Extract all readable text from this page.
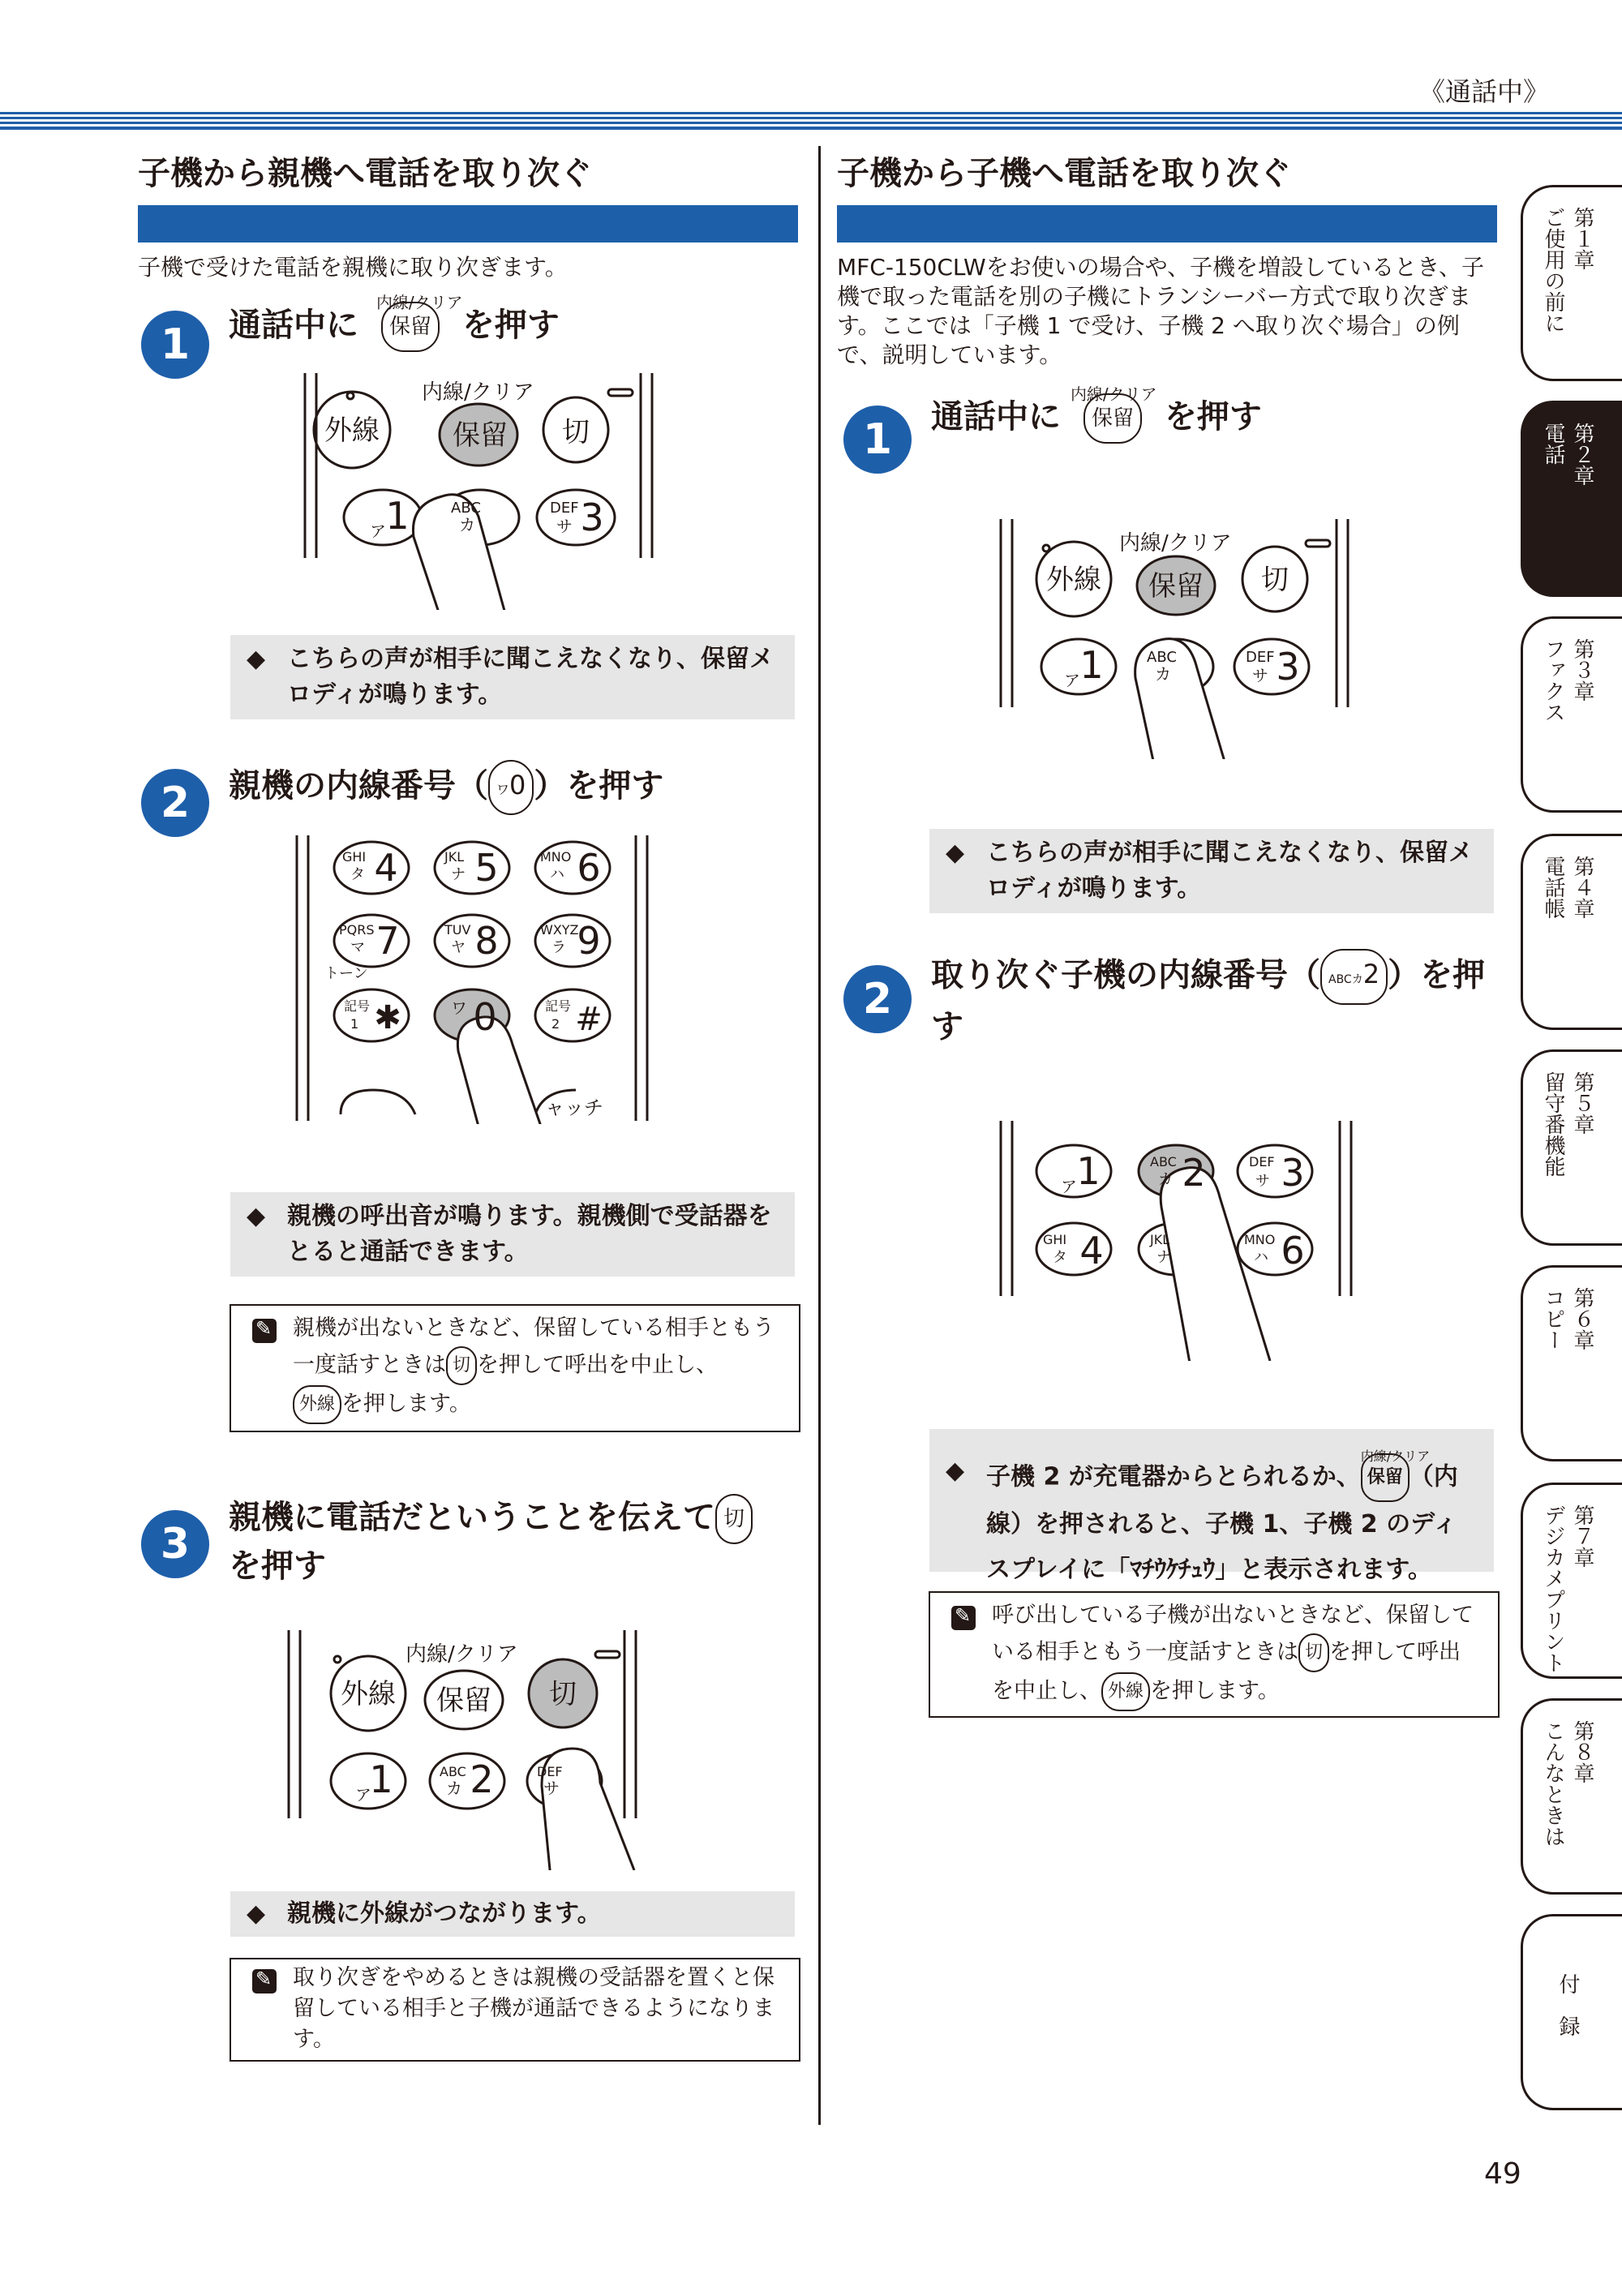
《通話中》
子機から親機へ電話を取り次ぐ
子機で受けた電話を親機に取り次ぎます。
1	通話中に
内線/クリア
保留 を押す
内線/クリア
外線	保留 切
1
ア
ABC
カ	3
DEF
サ
◆ こちらの声が相手に聞こえなくなり、保留メロディが鳴ります。
2	親機の内線番号（ ワ0 ）を押す
GHI
タ 4	JKL
ナ 5	MNO
ハ 6
PQRS
マ 7	TUV
ヤ 8	WXYZ
ラ 9
トーン
記号
1 ✱	ワ 0	記号
2 #
ャッチ
◆ 親機の呼出音が鳴ります。親機側で受話器をとると通話できます。
✎
親機が出ないときなど、保留している相手ともう一度話すときは 切 を押して呼出を中止し、
外線 を押します。
3
親機に電話だということを伝えて 切
を押す
内線/クリア
外線 保留 切
1
ア	2
ABC
カ
DEF
サ
◆ 親機に外線がつながります。
✎
取り次ぎをやめるときは親機の受話器を置くと保留している相手と子機が通話できるようになります。
子機から子機へ電話を取り次ぐ
MFC-150CLWをお使いの場合や、子機を増設しているとき、子機で取った電話を別の子機にトランシーバー方式で取り次ぎます。ここでは「子機 1 で受け、子機 2 へ取り次ぐ場合」の例で、説明しています。
1	通話中に
内線/クリア
保留 を押す
内線/クリア
外線 保留 切
1
ア
ABC
カ	3
DEF
サ
◆ こちらの声が相手に聞こえなくなり、保留メロディが鳴ります。
2	取り次ぐ子機の内線番号（ ABCカ2 ）を押す
1
ア
ABC
カ 2	DEF
サ 3
GHI
タ 4	JKL
ナ
MNO
ハ 6
◆ 子機 2 が充電器からとられるか、
内線/クリア
保留 （内線）を押されると、子機 1、子機 2 のディスプレイに「ﾏﾁｳｹﾁｭｳ」と表示されます。
✎
呼び出している子機が出ないときなど、保留している相手ともう一度話すときは 切 を押して呼出を中止し、 外線 を押します。
第１章
ご使用の前に
第２章
電話
第３章
ファクス
第４章
電話帳
第５章
留守番機能
第６章
コピー
第７章
デジカメプリント
第８章
こんなときは
付　録
49
